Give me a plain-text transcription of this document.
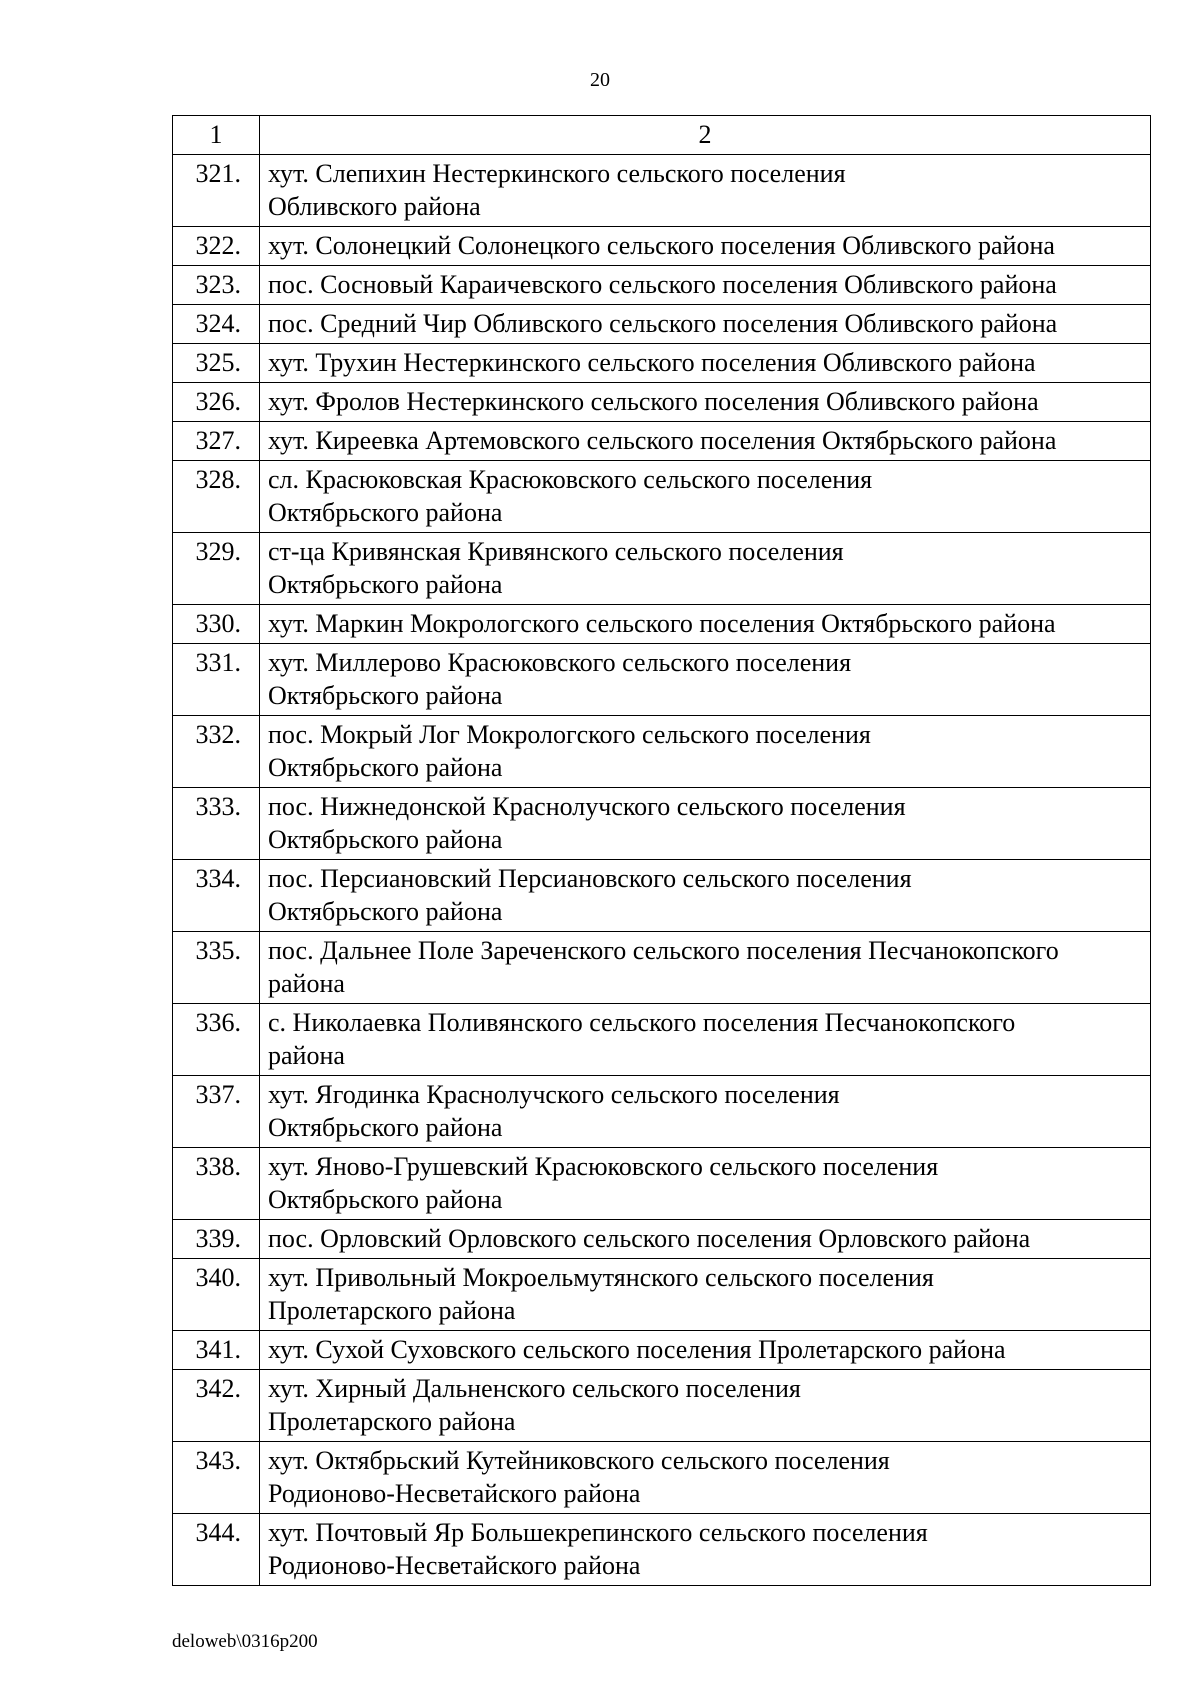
20
1	2
321.	хут. Слепихин Нестеркинского сельского поселения
Обливского района

322.	хут. Солонецкий Солонецкого сельского поселения Обливского района

323.	пос. Сосновый Караичевского сельского поселения Обливского района

324.	пос. Средний Чир Обливского сельского поселения Обливского района

325.	хут. Трухин Нестеркинского сельского поселения Обливского района

326.	хут. Фролов Нестеркинского сельского поселения Обливского района

327.	хут. Киреевка Артемовского сельского поселения Октябрьского района

328.	сл. Красюковская Красюковского сельского поселения
Октябрьского района

329.	ст-ца Кривянская Кривянского сельского поселения
Октябрьского района

330.	хут. Маркин Мокрологского сельского поселения Октябрьского района

331.	хут. Миллерово Красюковского сельского поселения
Октябрьского района

332.	пос. Мокрый Лог Мокрологского сельского поселения
Октябрьского района

333.	пос. Нижнедонской Краснолучского сельского поселения
Октябрьского района

334.	пос. Персиановский Персиановского сельского поселения
Октябрьского района

335.	пос. Дальнее Поле Зареченского сельского поселения Песчанокопского
района

336.	с. Николаевка Поливянского сельского поселения Песчанокопского
района

337.	хут. Ягодинка Краснолучского сельского поселения
Октябрьского района

338.	хут. Яново-Грушевский Красюковского сельского поселения
Октябрьского района

339.	пос. Орловский Орловского сельского поселения Орловского района

340.	хут. Привольный Мокроельмутянского сельского поселения
Пролетарского района

341.	хут. Сухой Суховского сельского поселения Пролетарского района

342.	хут. Хирный Дальненского сельского поселения
Пролетарского района

343.	хут. Октябрьский Кутейниковского сельского поселения
Родионово-Несветайского района

344.	хут. Почтовый Яр Большекрепинского сельского поселения
Родионово-Несветайского района
deloweb\0316p200
